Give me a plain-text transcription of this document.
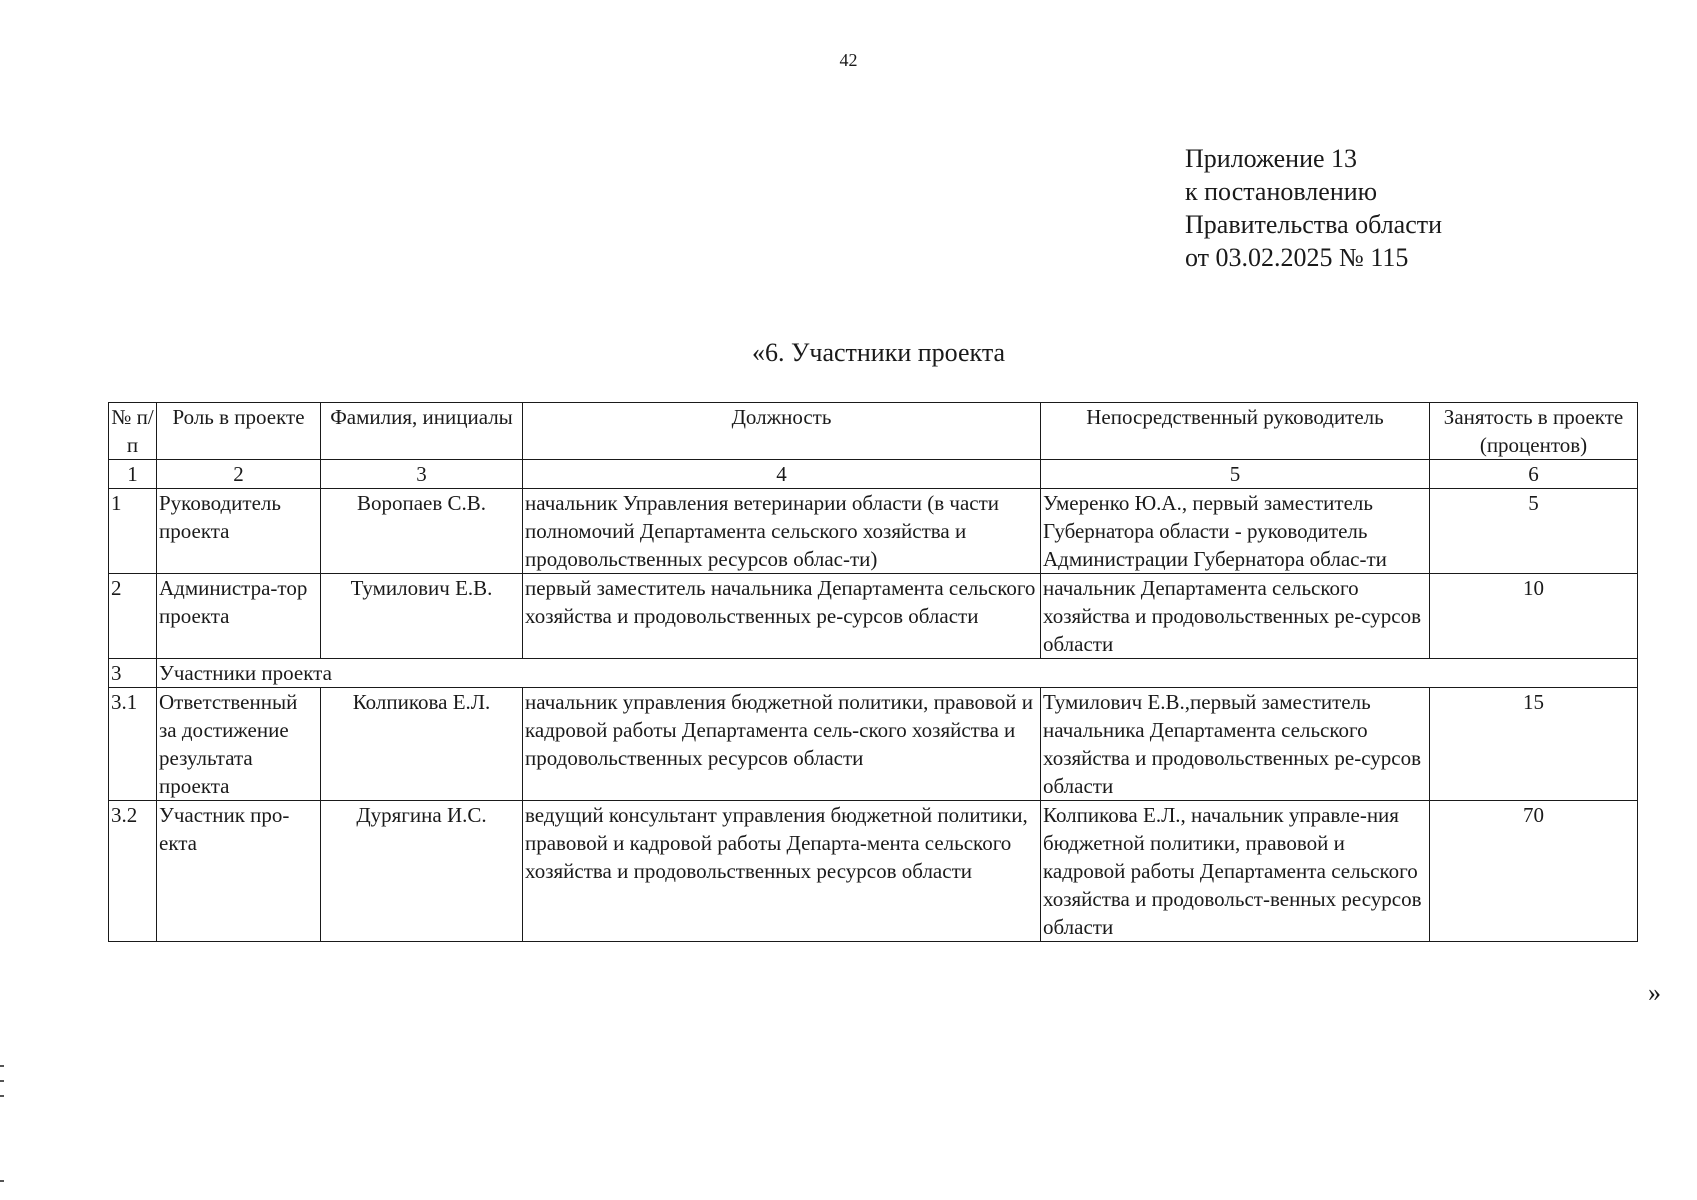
42
Приложение 13
к постановлению
Правительства области
от 03.02.2025 № 115
«6. Участники проекта
№ п/п	Роль в проекте	Фамилия, инициалы	Должность	Непосредственный руководитель	Занятость в проекте (процентов)
1	2	3	4	5	6
1	Руководитель проекта	Воропаев С.В.	начальник Управления ветеринарии области (в части полномочий Департамента сельского хозяйства и продовольственных ресурсов облас-ти)	Умеренко Ю.А., первый заместитель Губернатора области - руководитель Администрации Губернатора облас-ти	5
2	Администра-тор проекта	Тумилович Е.В.	первый заместитель начальника Департамента сельского хозяйства и продовольственных ре-сурсов области	начальник Департамента сельского хозяйства и продовольственных ре-сурсов области	10
3	Участники проекта				
3.1	Ответственный за достижение результата проекта	Колпикова Е.Л.	начальник управления бюджетной политики, правовой и кадровой работы Департамента сель-ского хозяйства и продовольственных ресурсов области	Тумилович Е.В.,первый заместитель начальника Департамента сельского хозяйства и продовольственных ре-сурсов области	15
3.2	Участник про-екта	Дурягина И.С.	ведущий консультант управления бюджетной политики, правовой и кадровой работы Департа-мента сельского хозяйства и продовольственных ресурсов области	Колпикова Е.Л., начальник управле-ния бюджетной политики, правовой и кадровой работы Департамента сельского хозяйства и продовольст-венных ресурсов области	70
»
